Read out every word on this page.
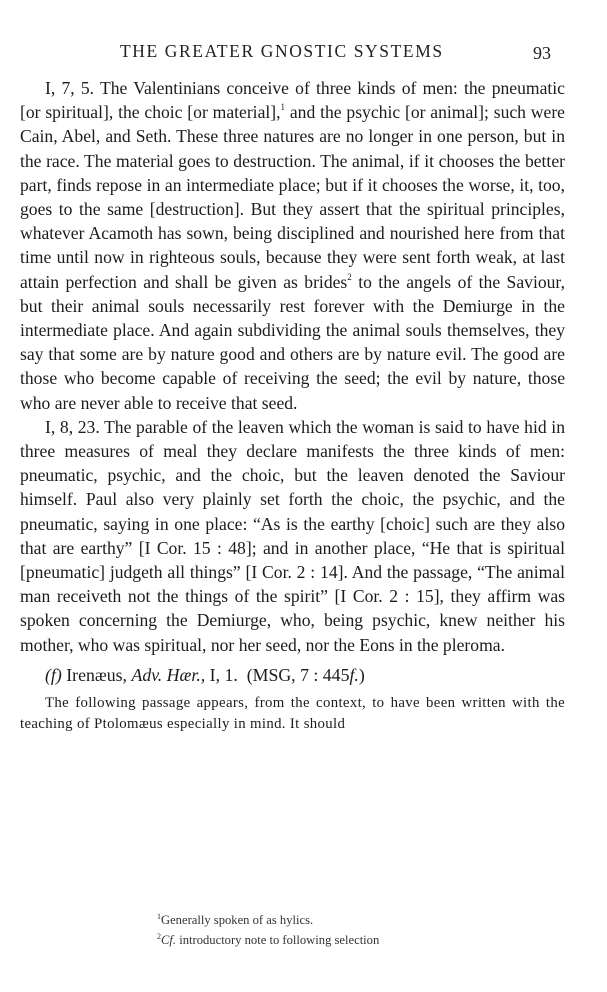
THE GREATER GNOSTIC SYSTEMS	93

I, 7, 5. The Valentinians conceive of three kinds of men: the pneumatic [or spiritual], the choic [or material],$^1$ and the psychic [or animal]; such were Cain, Abel, and Seth. These three natures are no longer in one person, but in the race. The material goes to destruction. The animal, if it chooses the better part, finds repose in an intermediate place; but if it chooses the worse, it, too, goes to the same [destruction]. But they assert that the spiritual principles, whatever Acamoth has sown, being disciplined and nourished here from that time until now in righteous souls, because they were sent forth weak, at last attain perfection and shall be given as brides$^2$ to the angels of the Saviour, but their animal souls necessarily rest forever with the Demiurge in the intermediate place. And again subdividing the animal souls themselves, they say that some are by nature good and others are by nature evil. The good are those who become capable of receiving the seed; the evil by nature, those who are never able to receive that seed.

I, 8, 23. The parable of the leaven which the woman is said to have hid in three measures of meal they declare manifests the three kinds of men: pneumatic, psychic, and the choic, but the leaven denoted the Saviour himself. Paul also very plainly set forth the choic, the psychic, and the pneumatic, saying in one place: “As is the earthy [choic] such are they also that are earthy” [I Cor. 15 : 48]; and in another place, “He that is spiritual [pneumatic] judgeth all things” [I Cor. 2 : 14]. And the passage, “The animal man receiveth not the things of the spirit” [I Cor. 2 : 15], they affirm was spoken concerning the Demiurge, who, being psychic, knew neither his mother, who was spiritual, nor her seed, nor the Eons in the pleroma.

(f) Irenæus, Adv. Hær., I, 1. (MSG, 7 : 445f.)

The following passage appears, from the context, to have been written with the teaching of Ptolomæus especially in mind. It should

$^1$Generally spoken of as hylics.
$^2$Cf. introductory note to following selection
